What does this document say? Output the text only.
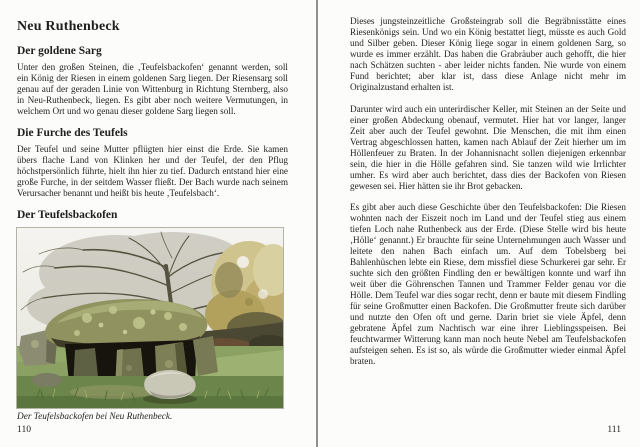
Neu Ruthenbeck
Der goldene Sarg

Unter den großen Steinen, die ‚Teufelsbackofen‘ genannt werden, soll ein König der Riesen in einem goldenen Sarg liegen. Der Riesensarg soll genau auf der geraden Linie von Wittenburg in Richtung Sternberg, also in Neu-Ruthenbeck, liegen. Es gibt aber noch weitere Vermutungen, in welchem Ort und wo genau dieser goldene Sarg liegen soll.

Die Furche des Teufels

Der Teufel und seine Mutter pflügten hier einst die Erde. Sie kamen übers flache Land von Klinken her und der Teufel, der den Pflug höchstpersönlich führte, hielt ihn hier zu tief. Dadurch entstand hier eine große Furche, in der seitdem Wasser fließt. Der Bach wurde nach seinem Verursacher benannt und heißt bis heute ‚Teufelsbach‘.

Der Teufelsbackofen
Der Teufelsbackofen bei Neu Ruthenbeck.
110

Dieses jungsteinzeitliche Großsteingrab soll die Begräbnisstätte eines Riesenkönigs sein. Und wo ein König bestattet liegt, müsste es auch Gold und Silber geben. Dieser König liege sogar in einem goldenen Sarg, so wurde es immer erzählt. Das haben die Grabräuber auch gehofft, die hier nach Schätzen suchten - aber leider nichts fanden. Nie wurde von einem Fund berichtet; aber klar ist, dass diese Anlage nicht mehr im Originalzustand erhalten ist.

Darunter wird auch ein unterirdischer Keller, mit Steinen an der Seite und einer großen Abdeckung obenauf, vermutet. Hier hat vor langer, langer Zeit aber auch der Teufel gewohnt. Die Menschen, die mit ihm einen Vertrag abgeschlossen hatten, kamen nach Ablauf der Zeit hierher um im Höllenfeuer zu Braten. In der Johannisnacht sollen diejenigen erkennbar sein, die hier in die Hölle gefahren sind. Sie tanzen wild wie Irrlichter umher. Es wird aber auch berichtet, dass dies der Backofen von Riesen gewesen sei. Hier hätten sie ihr Brot gebacken.

Es gibt aber auch diese Geschichte über den Teufelsbackofen: Die Riesen wohnten nach der Eiszeit noch im Land und der Teufel stieg aus einem tiefen Loch nahe Ruthenbeck aus der Erde. (Diese Stelle wird bis heute ‚Hölle‘ genannt.) Er brauchte für seine Unternehmungen auch Wasser und leitete den nahen Bach einfach um. Auf dem Tobelsberg bei Bahlenhüschen lebte ein Riese, dem missfiel diese Schurkerei gar sehr. Er suchte sich den größten Findling den er bewältigen konnte und warf ihn weit über die Göhrenschen Tannen und Trammer Felder genau vor die Hölle. Dem Teufel war dies sogar recht, denn er baute mit diesem Findling für seine Großmutter einen Backofen. Die Großmutter freute sich darüber und nutzte den Ofen oft und gerne. Darin briet sie viele Äpfel, denn gebratene Äpfel zum Nachtisch war eine ihrer Lieblingsspeisen. Bei feuchtwarmer Witterung kann man noch heute Nebel am Teufelsbackofen aufsteigen sehen. Es ist so, als würde die Großmutter wieder einmal Äpfel braten.

111
